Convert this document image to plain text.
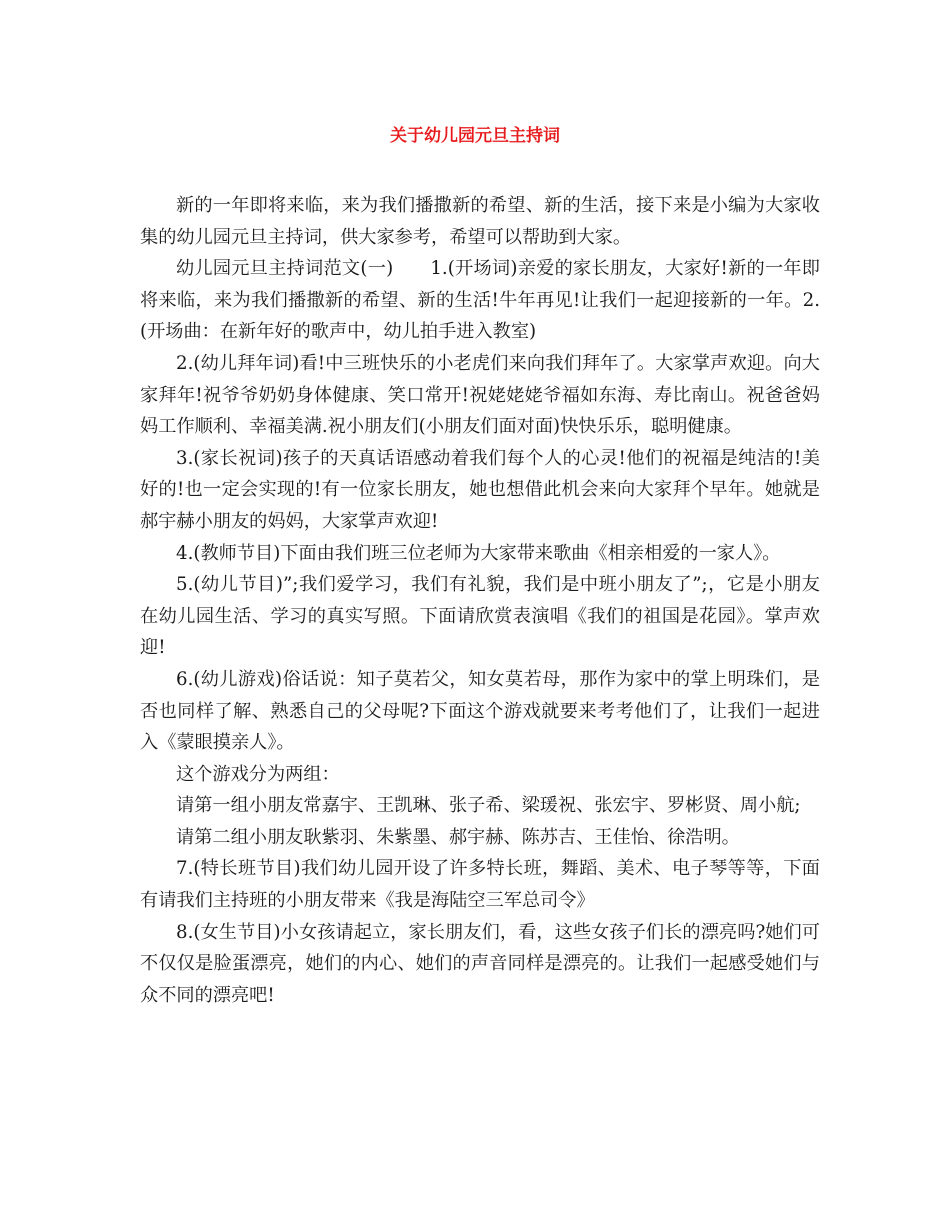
关于幼儿园元旦主持词

新的一年即将来临，来为我们播撒新的希望、新的生活，接下来是小编为大家收集的幼儿园元旦主持词，供大家参考，希望可以帮助到大家。

幼儿园元旦主持词范文(一)　　1.(开场词)亲爱的家长朋友，大家好!新的一年即将来临，来为我们播撒新的希望、新的生活!牛年再见!让我们一起迎接新的一年。2.(开场曲：在新年好的歌声中，幼儿拍手进入教室)

2.(幼儿拜年词)看!中三班快乐的小老虎们来向我们拜年了。大家掌声欢迎。向大家拜年!祝爷爷奶奶身体健康、笑口常开!祝姥姥姥爷福如东海、寿比南山。祝爸爸妈妈工作顺利、幸福美满.祝小朋友们(小朋友们面对面)快快乐乐，聪明健康。

3.(家长祝词)孩子的天真话语感动着我们每个人的心灵!他们的祝福是纯洁的!美好的!也一定会实现的!有一位家长朋友，她也想借此机会来向大家拜个早年。她就是郝宇赫小朋友的妈妈，大家掌声欢迎!

4.(教师节目)下面由我们班三位老师为大家带来歌曲《相亲相爱的一家人》。

5.(幼儿节目)”;我们爱学习，我们有礼貌，我们是中班小朋友了”;，它是小朋友在幼儿园生活、学习的真实写照。下面请欣赏表演唱《我们的祖国是花园》。掌声欢迎!

6.(幼儿游戏)俗话说：知子莫若父，知女莫若母，那作为家中的掌上明珠们，是否也同样了解、熟悉自己的父母呢?下面这个游戏就要来考考他们了，让我们一起进入《蒙眼摸亲人》。

这个游戏分为两组：

请第一组小朋友常嘉宇、王凯琳、张子希、梁瑗祝、张宏宇、罗彬贤、周小航;

请第二组小朋友耿紫羽、朱紫墨、郝宇赫、陈苏吉、王佳怡、徐浩明。

7.(特长班节目)我们幼儿园开设了许多特长班，舞蹈、美术、电子琴等等，下面有请我们主持班的小朋友带来《我是海陆空三军总司令》

8.(女生节目)小女孩请起立，家长朋友们，看，这些女孩子们长的漂亮吗?她们可不仅仅是脸蛋漂亮，她们的内心、她们的声音同样是漂亮的。让我们一起感受她们与众不同的漂亮吧!
